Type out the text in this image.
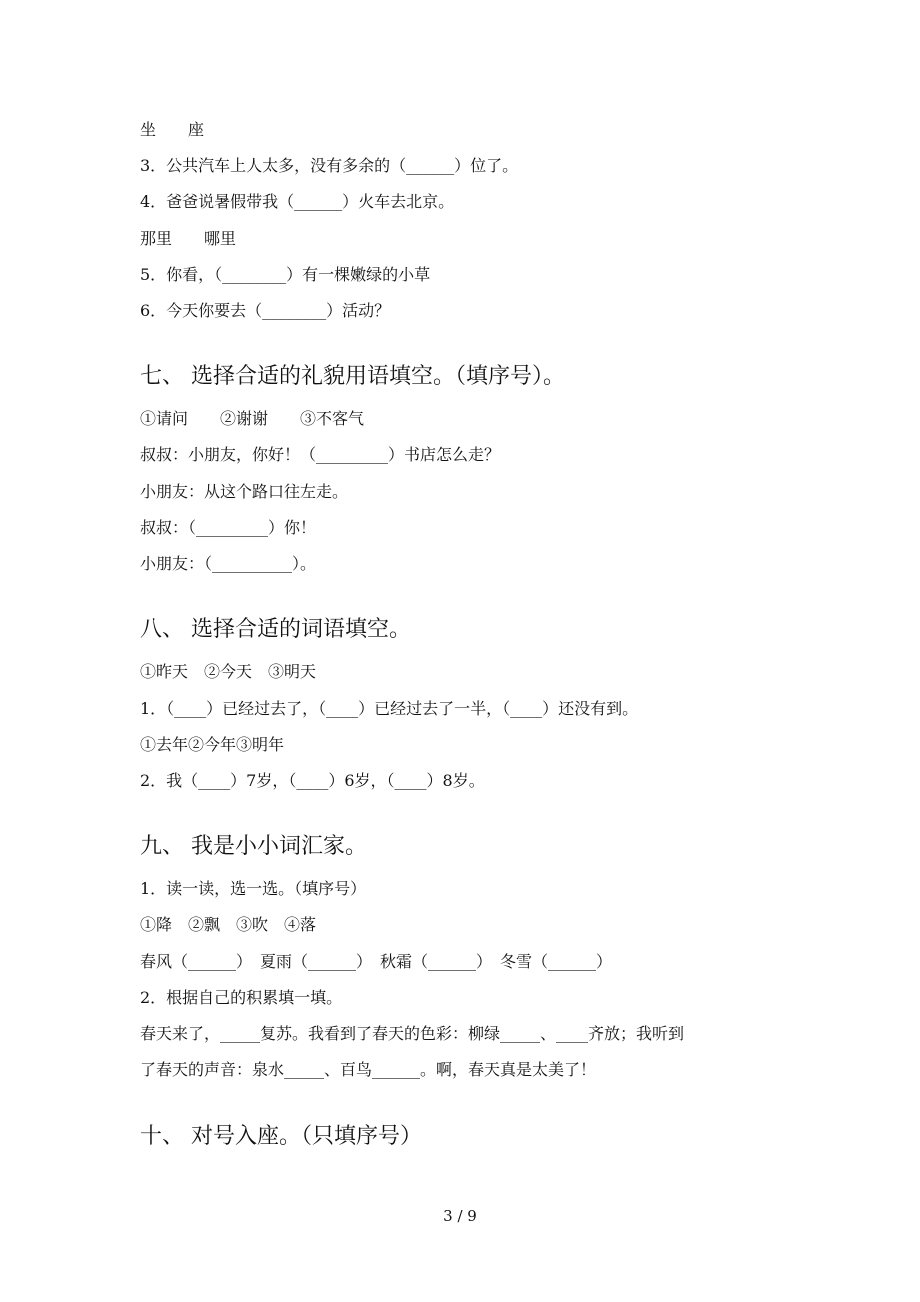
坐　　座
3．公共汽车上人太多，没有多余的（______）位了。
4．爸爸说暑假带我（______）火车去北京。
那里　　哪里
5．你看，（________）有一棵嫩绿的小草
6．今天你要去（________）活动？
七、 选择合适的礼貌用语填空。（填序号）。
①请问　　②谢谢　　③不客气
叔叔：小朋友，你好！（_________）书店怎么走？
小朋友：从这个路口往左走。
叔叔：（_________）你！
小朋友：（__________）。
八、 选择合适的词语填空。
①昨天　②今天　③明天
1．（____）已经过去了，（____）已经过去了一半，（____）还没有到。
①去年②今年③明年
2．我（____）7岁，（____）6岁，（____）8岁。
九、 我是小小词汇家。
1．读一读，选一选。（填序号）
①降　②飘　③吹　④落
春风（______）　夏雨（______）　秋霜（______）　冬雪（______）
2．根据自己的积累填一填。
春天来了，_____复苏。我看到了春天的色彩：柳绿_____、____齐放；我听到
了春天的声音：泉水_____、百鸟______。啊，春天真是太美了！
十、 对号入座。（只填序号）
3 / 9
